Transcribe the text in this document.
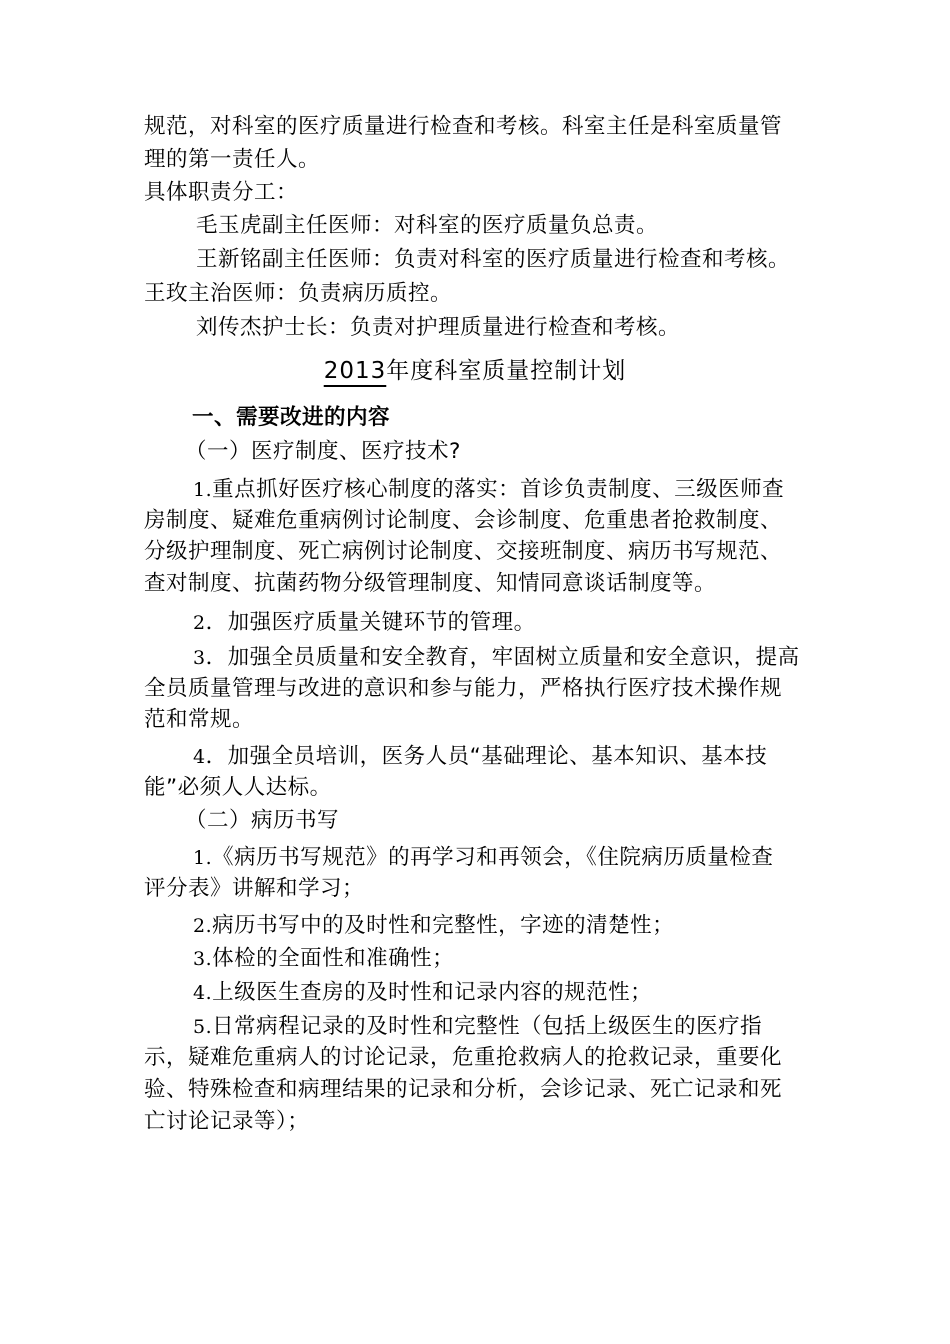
规范，对科室的医疗质量进行检查和考核。科室主任是科室质量管
理的第一责任人。
具体职责分工：
毛玉虎副主任医师：对科室的医疗质量负总责。
王新铭副主任医师：负责对科室的医疗质量进行检查和考核。
王玫主治医师：负责病历质控。
刘传杰护士长：负责对护理质量进行检查和考核。
2013年度科室质量控制计划
一、需要改进的内容
（一）医疗制度、医疗技术?
1.重点抓好医疗核心制度的落实：首诊负责制度、三级医师查
房制度、疑难危重病例讨论制度、会诊制度、危重患者抢救制度、
分级护理制度、死亡病例讨论制度、交接班制度、病历书写规范、
查对制度、抗菌药物分级管理制度、知情同意谈话制度等。
2．加强医疗质量关键环节的管理。
3．加强全员质量和安全教育，牢固树立质量和安全意识，提高
全员质量管理与改进的意识和参与能力，严格执行医疗技术操作规
范和常规。
4．加强全员培训，医务人员“基础理论、基本知识、基本技
能”必须人人达标。
（二）病历书写
1.《病历书写规范》的再学习和再领会，《住院病历质量检查
评分表》讲解和学习；
2.病历书写中的及时性和完整性，字迹的清楚性；
3.体检的全面性和准确性；
4.上级医生查房的及时性和记录内容的规范性；
5.日常病程记录的及时性和完整性（包括上级医生的医疗指
示，疑难危重病人的讨论记录，危重抢救病人的抢救记录，重要化
验、特殊检查和病理结果的记录和分析，会诊记录、死亡记录和死
亡讨论记录等）；
